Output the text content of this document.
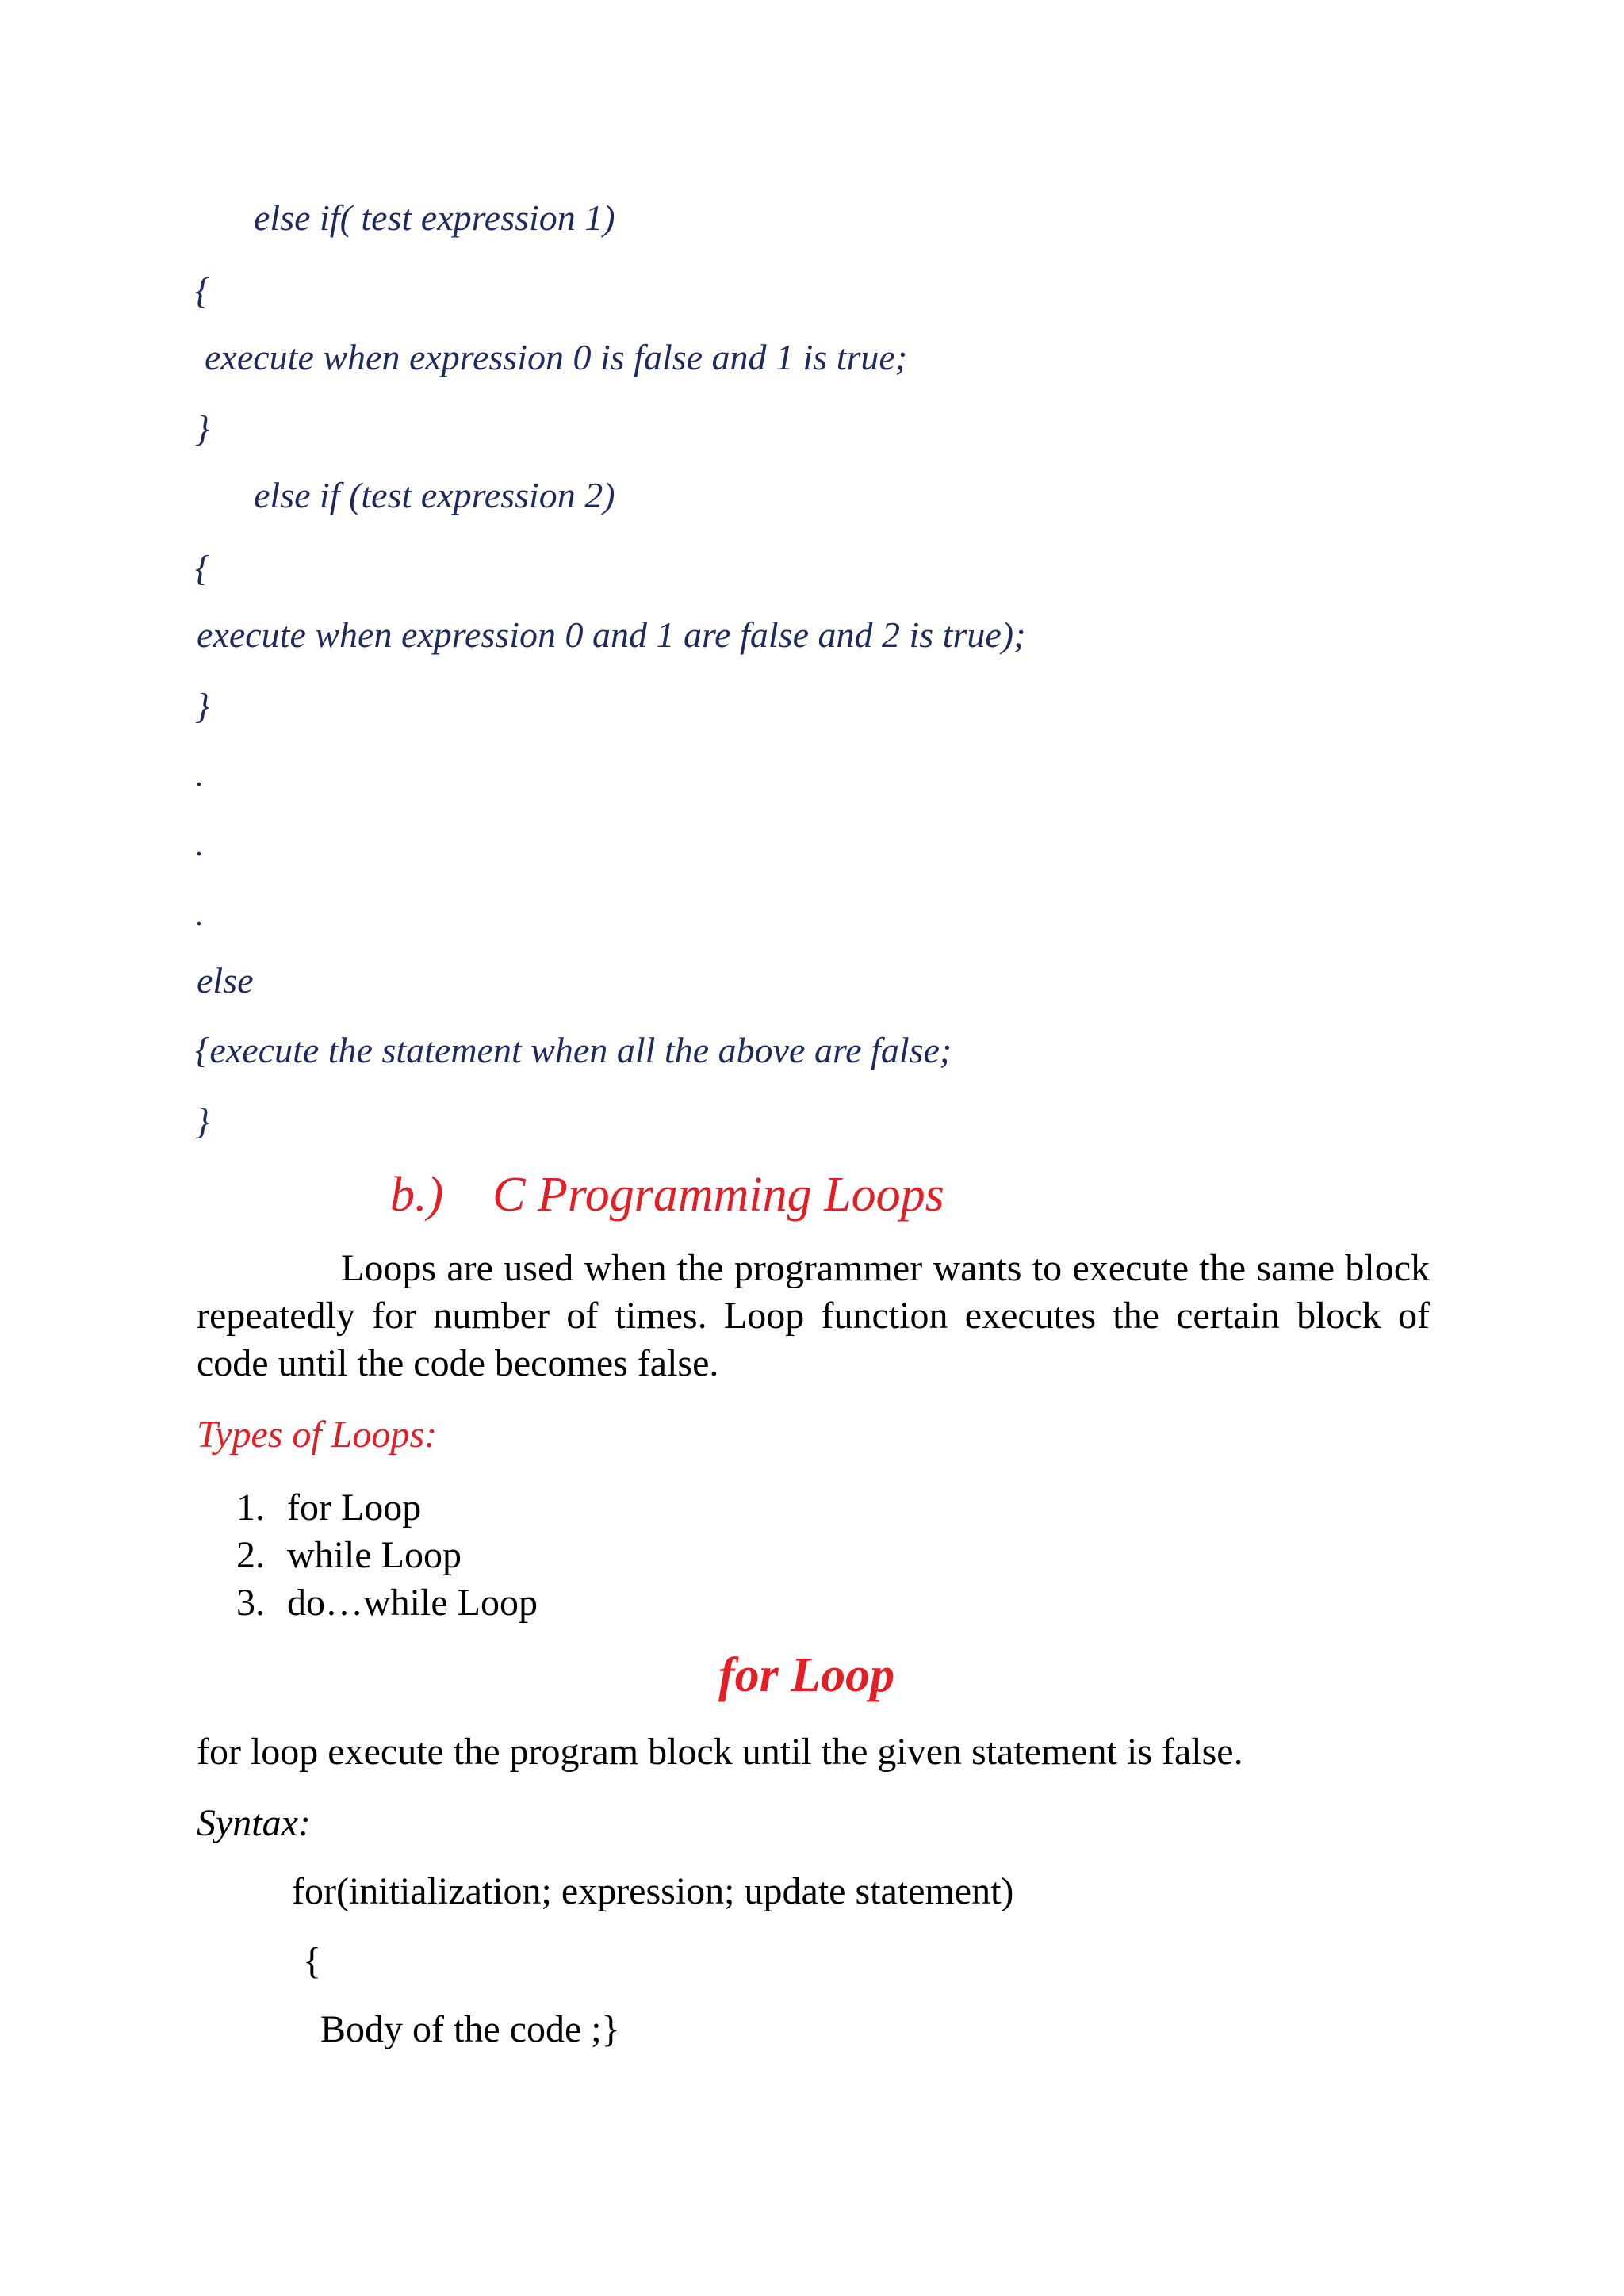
else if( test expression 1)
{
execute when expression 0 is false and 1 is true;
}
else if (test expression 2)
{
execute when expression 0 and 1 are false and 2 is true);
}
.
.
.
else
{execute the statement when all the above are false;
}
b.) C Programming Loops

Loops are used when the programmer wants to execute the same block repeatedly for number of times. Loop function executes the certain block of code until the code becomes false.

Types of Loops:
1. for Loop
2. while Loop
3. do…while Loop
for Loop
for loop execute the program block until the given statement is false.
Syntax:
for(initialization; expression; update statement)
{
Body of the code ;}
